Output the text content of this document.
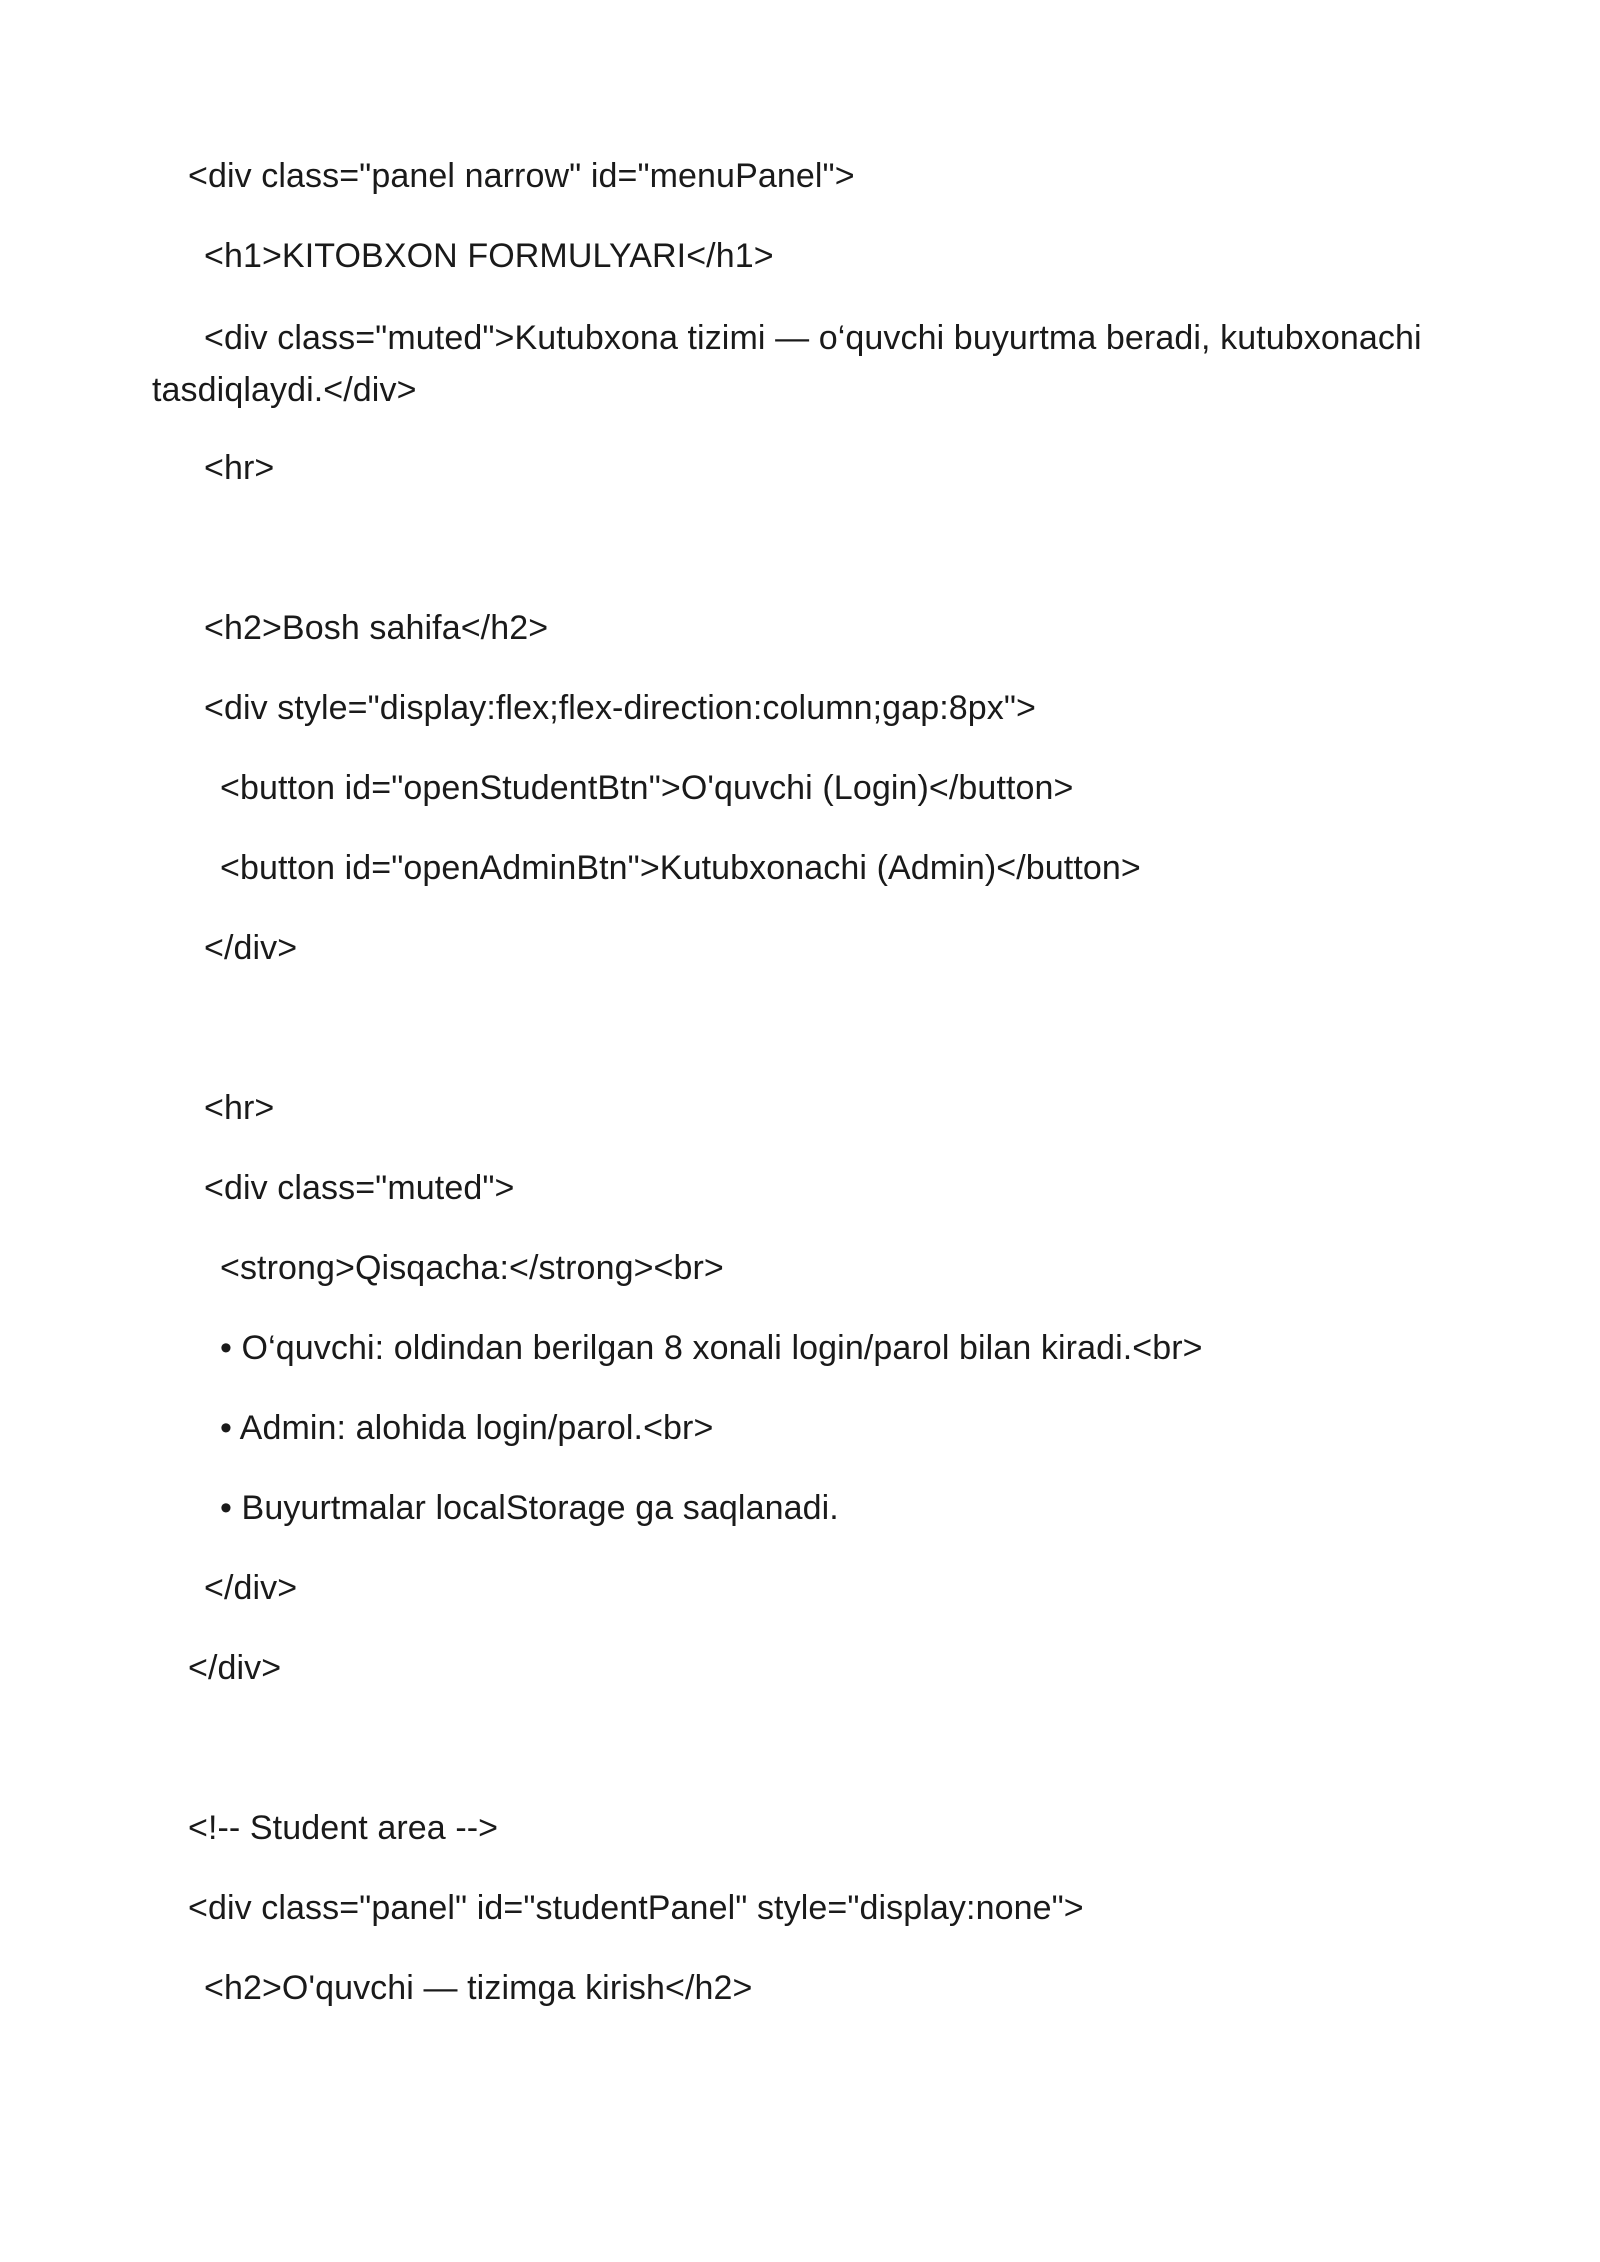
<div class="panel narrow" id="menuPanel">
<h1>KITOBXON FORMULYARI</h1>
<div class="muted">Kutubxona tizimi — o‘quvchi buyurtma beradi, kutubxonachi tasdiqlaydi.</div>
<hr>
<h2>Bosh sahifa</h2>
<div style="display:flex;flex-direction:column;gap:8px">
<button id="openStudentBtn">O'quvchi (Login)</button>
<button id="openAdminBtn">Kutubxonachi (Admin)</button>
</div>
<hr>
<div class="muted">
<strong>Qisqacha:</strong><br>
• O‘quvchi: oldindan berilgan 8 xonali login/parol bilan kiradi.<br>
• Admin: alohida login/parol.<br>
• Buyurtmalar localStorage ga saqlanadi.
</div>
</div>
<!-- Student area -->
<div class="panel" id="studentPanel" style="display:none">
<h2>O'quvchi — tizimga kirish</h2>
